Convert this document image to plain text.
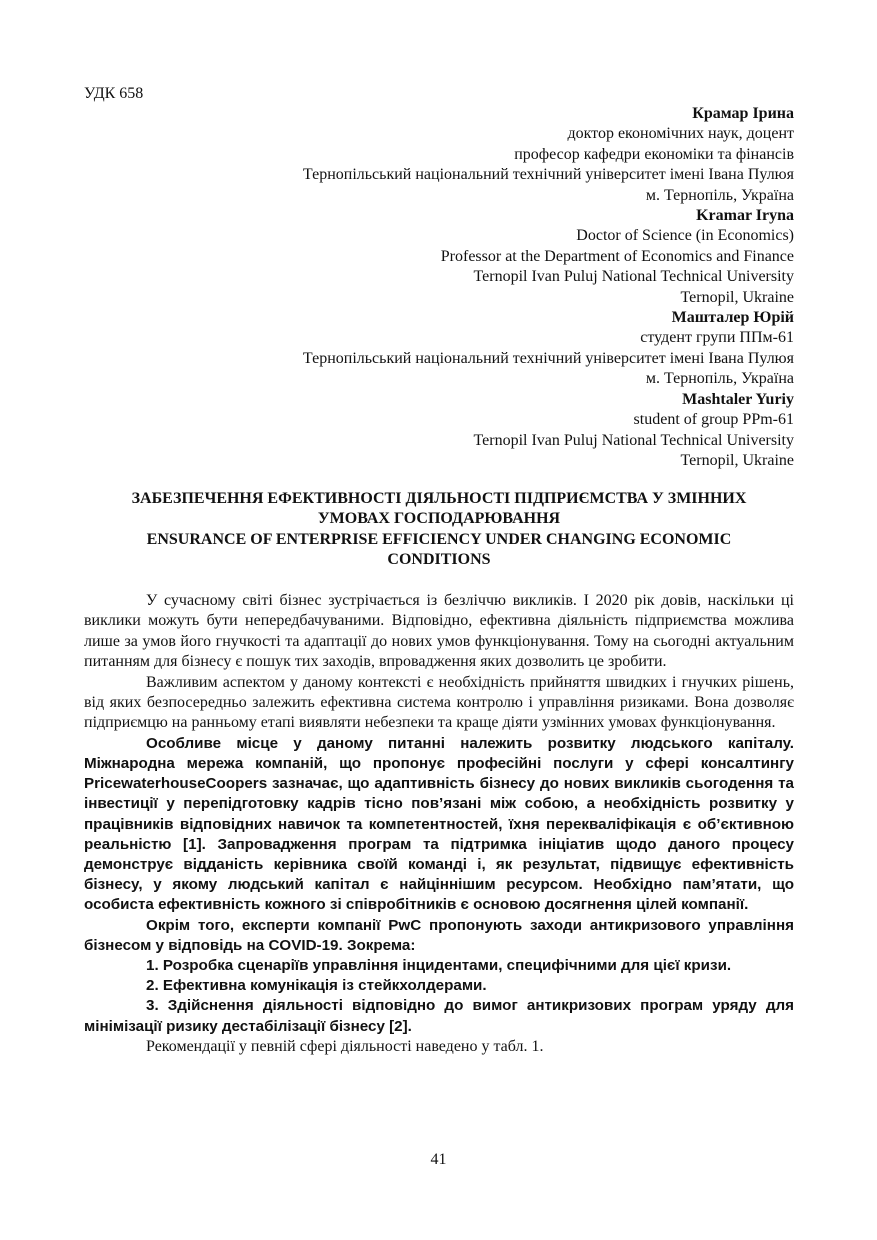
УДК 658
Крамар Ірина
доктор економічних наук, доцент
професор кафедри економіки та фінансів
Тернопільський національний технічний університет імені Івана Пулюя
м. Тернопіль, Україна
Kramar Iryna
Doctor of Science (in Economics)
Professor at the Department of Economics and Finance
Ternopil Ivan Puluj National Technical University
Ternopil, Ukraine
Машталер Юрій
студент групи ППм-61
Тернопільський національний технічний університет імені Івана Пулюя
м. Тернопіль, Україна
Mashtaler Yuriy
student of group PPm-61
Ternopil Ivan Puluj National Technical University
Ternopil, Ukraine
ЗАБЕЗПЕЧЕННЯ ЕФЕКТИВНОСТІ ДІЯЛЬНОСТІ ПІДПРИЄМСТВА У ЗМІННИХ
УМОВАХ ГОСПОДАРЮВАННЯ
ENSURANCE OF ENTERPRISE EFFICIENCY UNDER CHANGING ECONOMIC
CONDITIONS

У сучасному світі бізнес зустрічається із безліччю викликів. І 2020 рік довів, наскільки ці виклики можуть бути непередбачуваними. Відповідно, ефективна діяльність підприємства можлива лише за умов його гнучкості та адаптації до нових умов функціонування. Тому на сьогодні актуальним питанням для бізнесу є пошук тих заходів, впровадження яких дозволить це зробити.

Важливим аспектом у даному контексті є необхідність прийняття швидких і гнучких рішень, від яких безпосередньо залежить ефективна система контролю і управління ризиками. Вона дозволяє підприємцю на ранньому етапі виявляти небезпеки та краще діяти узмінних умовах функціонування.

Особливе місце у даному питанні належить розвитку людського капіталу. Міжнародна мережа компаній, що пропонує професійні послуги у сфері консалтингу PricewaterhouseCoopers зазначає, що адаптивність бізнесу до нових викликів сьогодення та інвестиції у перепідготовку кадрів тісно пов’язані між собою, а необхідність розвитку у працівників відповідних навичок та компетентностей, їхня перекваліфікація є об’єктивною реальністю [1]. Запровадження програм та підтримка ініціатив щодо даного процесу демонструє відданість керівника своїй команді і, як результат, підвищує ефективність бізнесу, у якому людський капітал є найціннішим ресурсом. Необхідно пам’ятати, що особиста ефективність кожного зі співробітників є основою досягнення цілей компанії.

Окрім того, експерти компанії PwC пропонують заходи антикризового управління бізнесом у відповідь на COVID-19. Зокрема:

1. Розробка сценаріїв управління інцидентами, специфічними для цієї кризи.

2. Ефективна комунікація із стейкхолдерами.

3. Здійснення діяльності відповідно до вимог антикризових програм уряду для мінімізації ризику дестабілізації бізнесу [2].

Рекомендації у певній сфері діяльності наведено у табл. 1.

41
